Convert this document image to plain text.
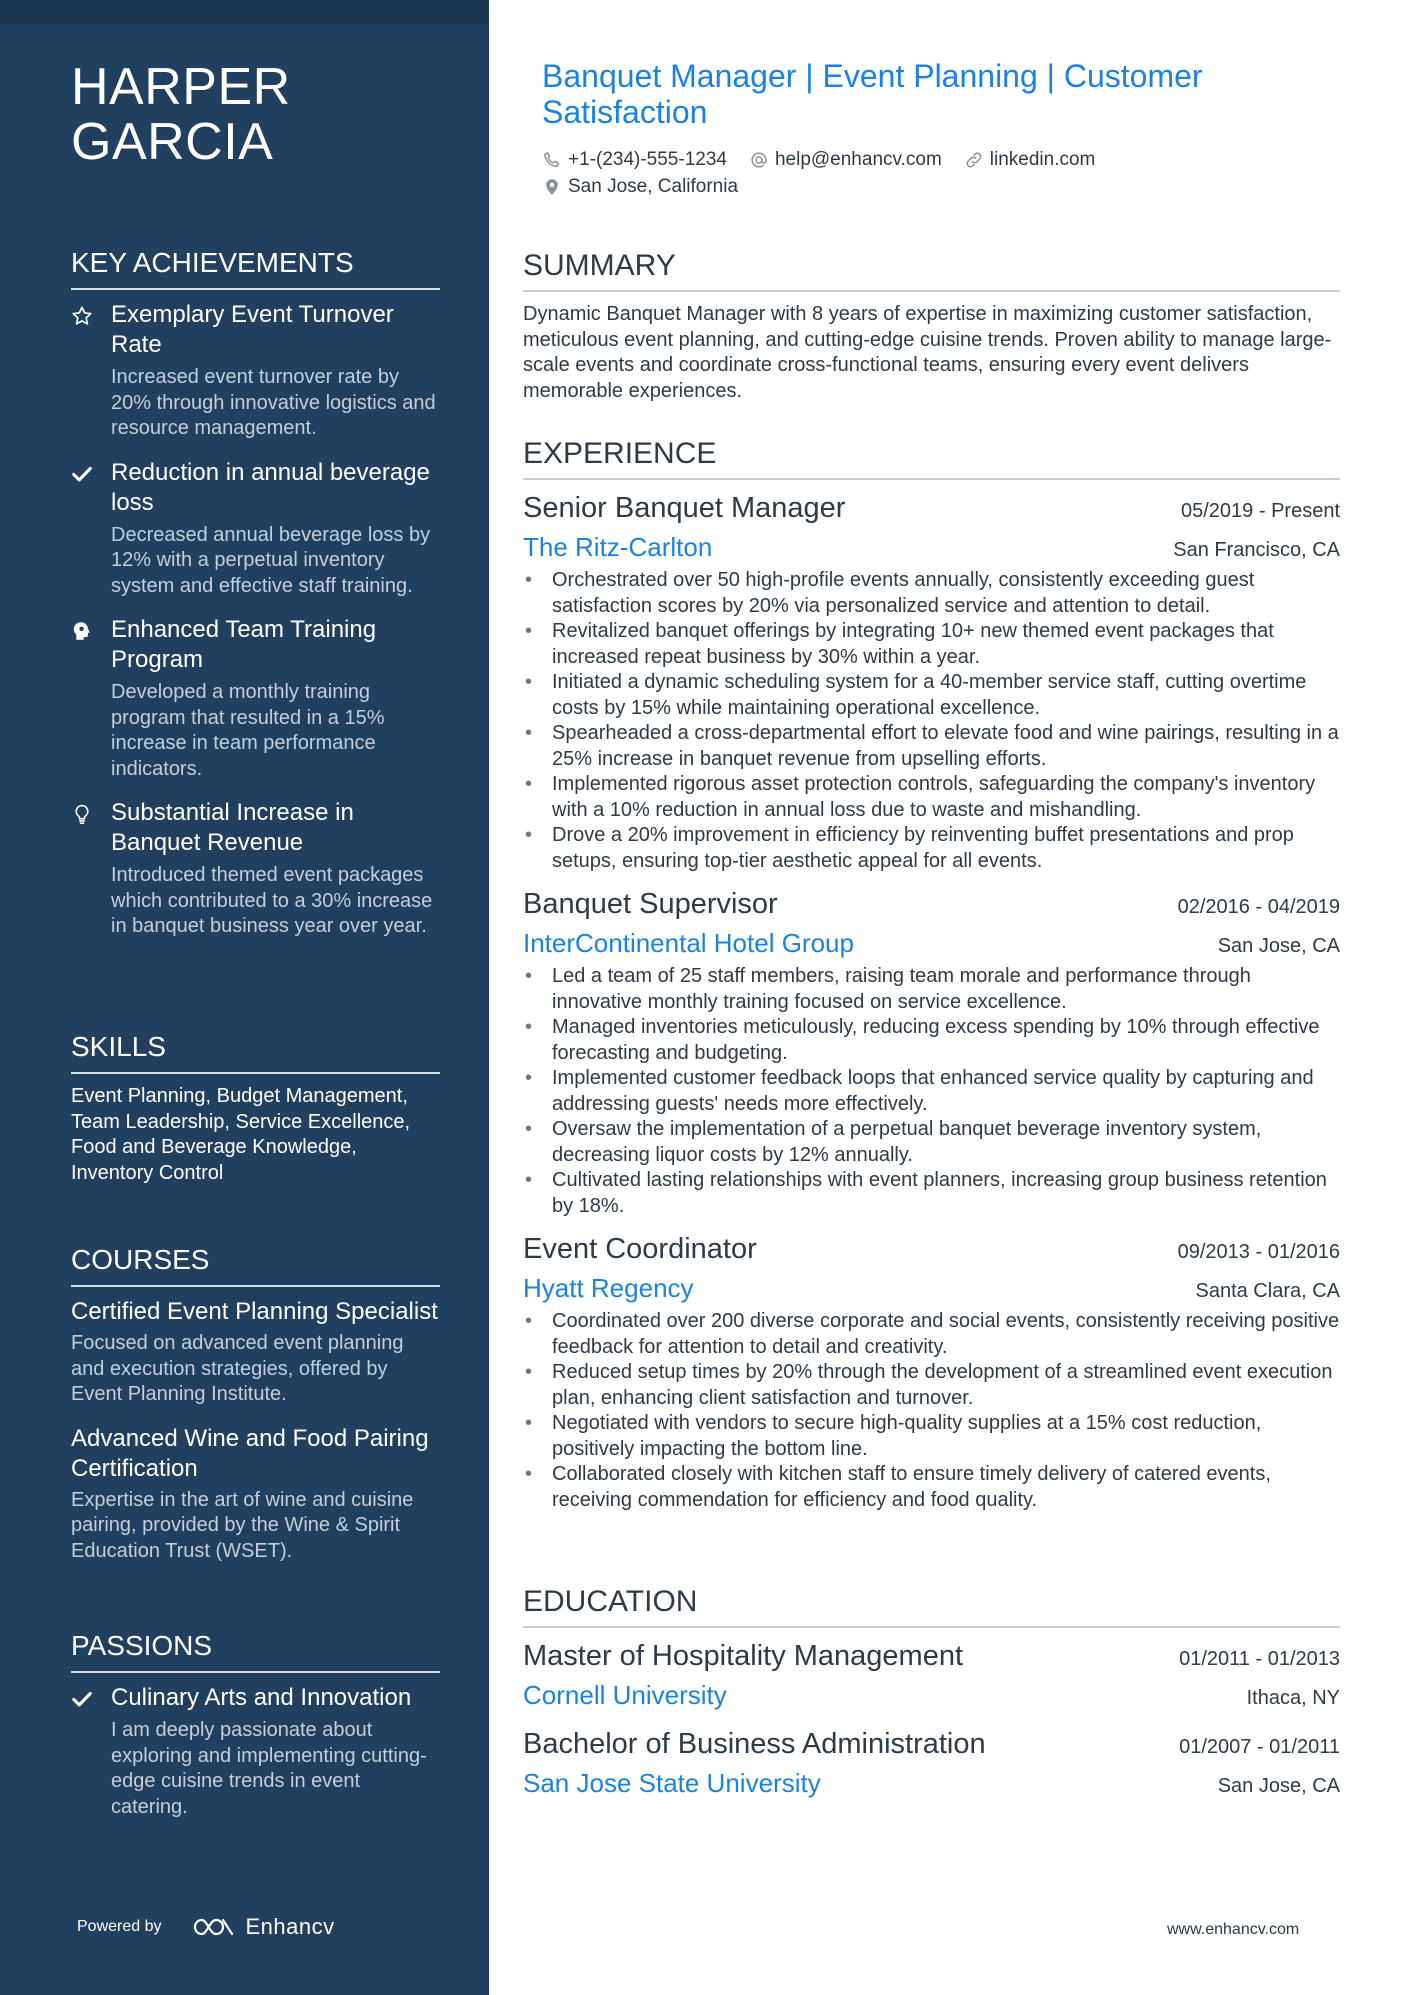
HARPER
GARCIA
KEY ACHIEVEMENTS
Exemplary Event Turnover Rate
Increased event turnover rate by 20% through innovative logistics and resource management.
Reduction in annual beverage loss
Decreased annual beverage loss by 12% with a perpetual inventory system and effective staff training.
Enhanced Team Training Program
Developed a monthly training program that resulted in a 15% increase in team performance indicators.
Substantial Increase in Banquet Revenue
Introduced themed event packages which contributed to a 30% increase in banquet business year over year.
SKILLS
Event Planning, Budget Management, Team Leadership, Service Excellence, Food and Beverage Knowledge, Inventory Control
COURSES
Certified Event Planning Specialist
Focused on advanced event planning and execution strategies, offered by Event Planning Institute.
Advanced Wine and Food Pairing Certification
Expertise in the art of wine and cuisine pairing, provided by the Wine & Spirit Education Trust (WSET).
PASSIONS
Culinary Arts and Innovation
I am deeply passionate about exploring and implementing cutting-edge cuisine trends in event catering.
Powered by	Enhancv
Banquet Manager | Event Planning | Customer Satisfaction
+1-(234)-555-1234	help@enhancv.com	linkedin.com
San Jose, California
SUMMARY
Dynamic Banquet Manager with 8 years of expertise in maximizing customer satisfaction, meticulous event planning, and cutting-edge cuisine trends. Proven ability to manage large-scale events and coordinate cross-functional teams, ensuring every event delivers memorable experiences.
EXPERIENCE
Senior Banquet Manager	05/2019 - Present
The Ritz-Carlton	San Francisco, CA
• Orchestrated over 50 high-profile events annually, consistently exceeding guest satisfaction scores by 20% via personalized service and attention to detail.
• Revitalized banquet offerings by integrating 10+ new themed event packages that increased repeat business by 30% within a year.
• Initiated a dynamic scheduling system for a 40-member service staff, cutting overtime costs by 15% while maintaining operational excellence.
• Spearheaded a cross-departmental effort to elevate food and wine pairings, resulting in a 25% increase in banquet revenue from upselling efforts.
• Implemented rigorous asset protection controls, safeguarding the company's inventory with a 10% reduction in annual loss due to waste and mishandling.
• Drove a 20% improvement in efficiency by reinventing buffet presentations and prop setups, ensuring top-tier aesthetic appeal for all events.
Banquet Supervisor	02/2016 - 04/2019
InterContinental Hotel Group	San Jose, CA
• Led a team of 25 staff members, raising team morale and performance through innovative monthly training focused on service excellence.
• Managed inventories meticulously, reducing excess spending by 10% through effective forecasting and budgeting.
• Implemented customer feedback loops that enhanced service quality by capturing and addressing guests' needs more effectively.
• Oversaw the implementation of a perpetual banquet beverage inventory system, decreasing liquor costs by 12% annually.
• Cultivated lasting relationships with event planners, increasing group business retention by 18%.
Event Coordinator	09/2013 - 01/2016
Hyatt Regency	Santa Clara, CA
• Coordinated over 200 diverse corporate and social events, consistently receiving positive feedback for attention to detail and creativity.
• Reduced setup times by 20% through the development of a streamlined event execution plan, enhancing client satisfaction and turnover.
• Negotiated with vendors to secure high-quality supplies at a 15% cost reduction, positively impacting the bottom line.
• Collaborated closely with kitchen staff to ensure timely delivery of catered events, receiving commendation for efficiency and food quality.
EDUCATION
Master of Hospitality Management	01/2011 - 01/2013
Cornell University	Ithaca, NY
Bachelor of Business Administration	01/2007 - 01/2011
San Jose State University	San Jose, CA
www.enhancv.com
